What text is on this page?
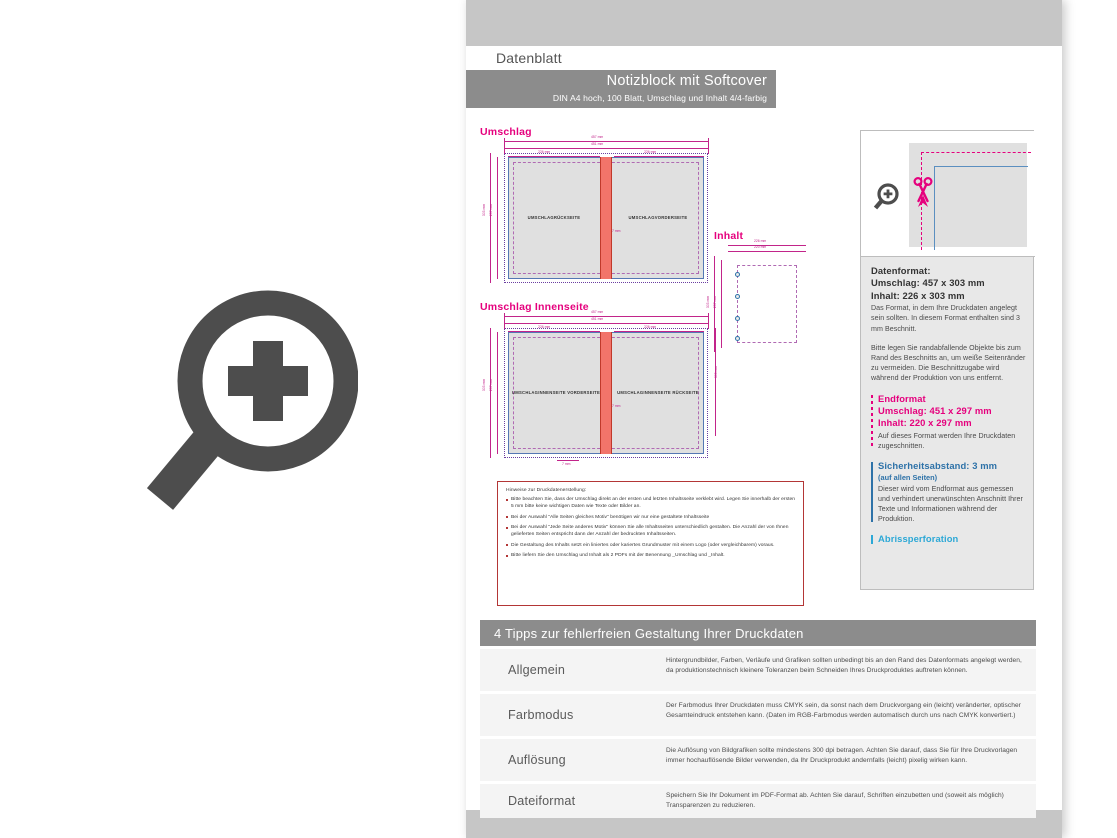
Datenblatt
Notizblock mit Softcover
DIN A4 hoch, 100 Blatt, Umschlag und Inhalt 4/4-farbig
Umschlag
UMSCHLAGRÜCKSEITE	UMSCHLAGVORDERSEITE
7 mm
457 mm
451 mm
226 mm	226 mm
303 mm 297 mm
Inhalt	226 mm
220 mm
303 mm 297 mm
Umschlag Innenseite
UMSCHLAGINNENSEITE VORDERSEITE	UMSCHLAGINNENSEITE RÜCKSEITE
7 mm
457 mm
451 mm
226 mm	226 mm
303 mm 297 mm
303 mm
7 mm
Hinweise zur Druckdatenerstellung:
Bitte beachten Sie, dass der Umschlag direkt an der ersten und letzten Inhaltsseite verklebt wird. Legen Sie innerhalb der ersten 5 mm bitte keine wichtigen Daten wie Texte oder Bilder an.
Bei der Auswahl "Alle Seiten gleiches Motiv" benötigen wir nur eine gestaltete Inhaltsseite
Bei der Auswahl "Jede Seite anderes Motiv" können Sie alle Inhaltsseiten unterschiedlich gestalten. Die Anzahl der von Ihnen gelieferten Seiten entspricht dann der Anzahl der bedruckten Inhaltsseiten.
Die Gestaltung des Inhalts setzt ein liniertes oder kariertes Grundmuster mit einem Logo (oder vergleichbarem) voraus.
Bitte liefern Sie den Umschlag und Inhalt als 2 PDFs mit der Benennung _Umschlag und _Inhalt.
Datenformat:
Umschlag: 457 x 303 mm
Inhalt: 226 x 303 mm
Das Format, in dem Ihre Druckdaten angelegt sein sollten. In diesem Format enthalten sind 3 mm Beschnitt.
Bitte legen Sie randabfallende Objekte bis zum Rand des Beschnitts an, um weiße Seitenränder zu vermeiden. Die Beschnittzugabe wird während der Produktion von uns entfernt.
Endformat
Umschlag: 451 x 297 mm
Inhalt: 220 x 297 mm
Auf dieses Format werden Ihre Druckdaten zugeschnitten.
Sicherheitsabstand: 3 mm
(auf allen Seiten)
Dieser wird vom Endformat aus gemessen und verhindert unerwünschten Anschnitt Ihrer Texte und Informationen während der Produktion.
Abrissperforation
4 Tipps zur fehlerfreien Gestaltung Ihrer Druckdaten
Allgemein
Hintergrundbilder, Farben, Verläufe und Grafiken sollten unbedingt bis an den Rand des Datenformats angelegt werden, da produktionstechnisch kleinere Toleranzen beim Schneiden Ihres Druckproduktes auftreten können.
Farbmodus
Der Farbmodus Ihrer Druckdaten muss CMYK sein, da sonst nach dem Druckvorgang ein (leicht) veränderter, optischer Gesamteindruck entstehen kann. (Daten im RGB-Farbmodus werden automatisch durch uns nach CMYK konvertiert.)
Auflösung
Die Auflösung von Bildgrafiken sollte mindestens 300 dpi betragen. Achten Sie darauf, dass Sie für Ihre Druckvorlagen immer hochauflösende Bilder verwenden, da Ihr Druckprodukt andernfalls (leicht) pixelig wirken kann.
Dateiformat	Speichern Sie Ihr Dokument im PDF-Format ab. Achten Sie darauf, Schriften einzubetten und (soweit als möglich) Transparenzen zu reduzieren.
